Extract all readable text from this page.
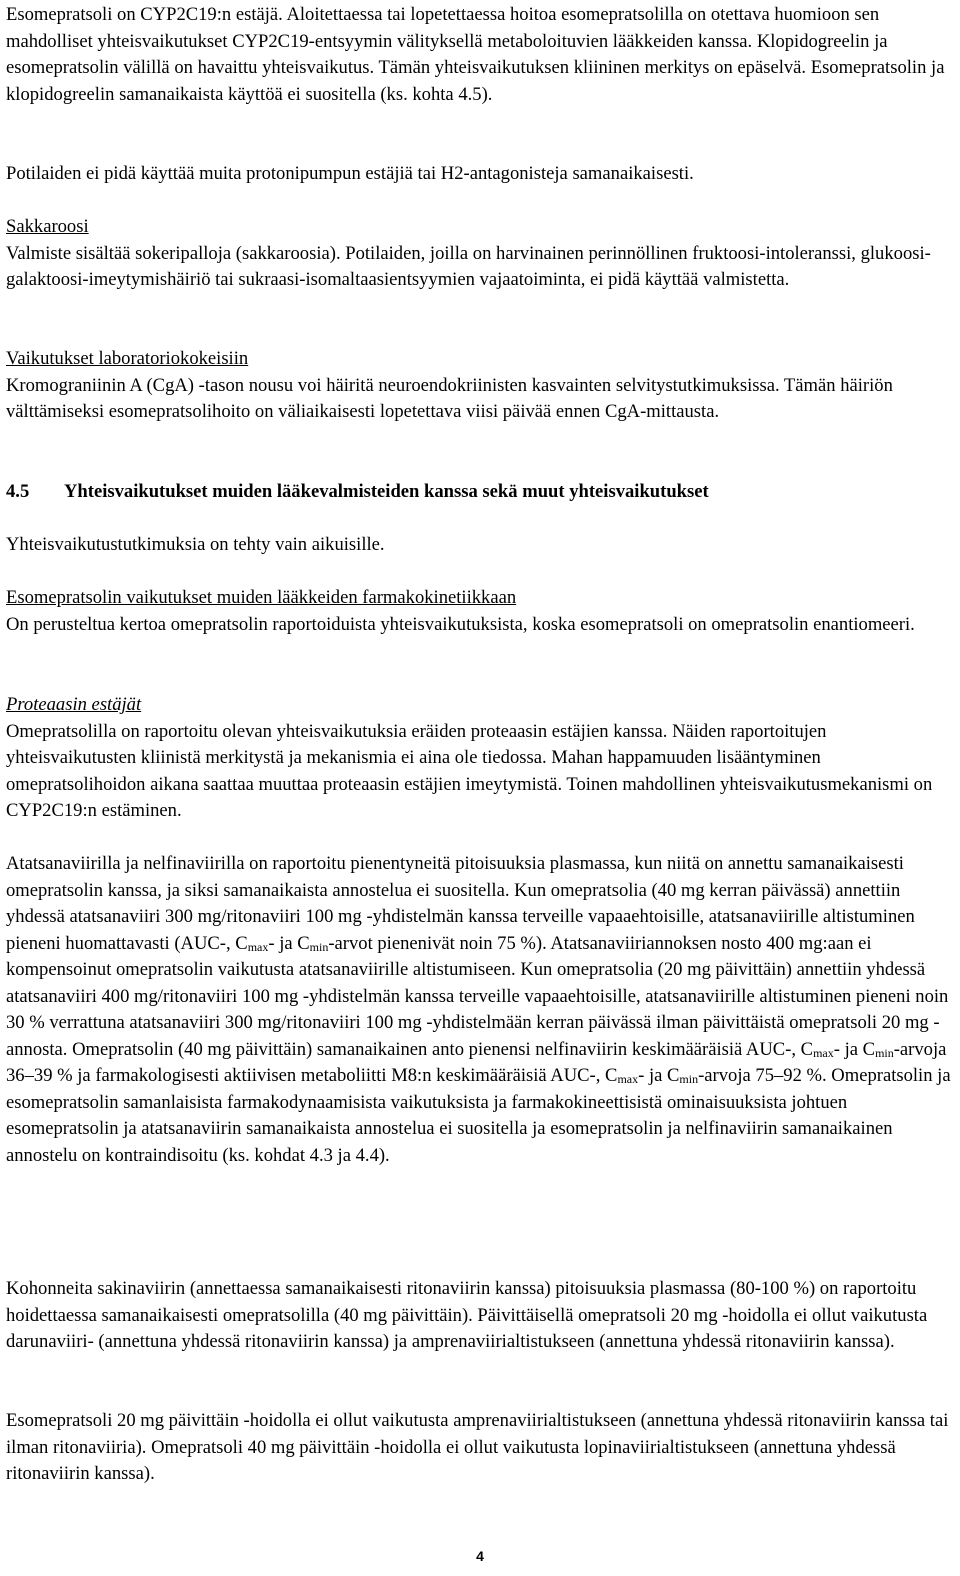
Esomepratsoli on CYP2C19:n estäjä. Aloitettaessa tai lopetettaessa hoitoa esomepratsolilla on otettava huomioon sen mahdolliset yhteisvaikutukset CYP2C19-entsyymin välityksellä metaboloituvien lääkkeiden kanssa. Klopidogreelin ja esomepratsolin välillä on havaittu yhteisvaikutus. Tämän yhteisvaikutuksen kliininen merkitys on epäselvä. Esomepratsolin ja klopidogreelin samanaikaista käyttöä ei suositella (ks. kohta 4.5).

Potilaiden ei pidä käyttää muita protonipumpun estäjiä tai H2-antagonisteja samanaikaisesti.

Sakkaroosi

Valmiste sisältää sokeripalloja (sakkaroosia). Potilaiden, joilla on harvinainen perinnöllinen fruktoosi-intoleranssi, glukoosi-galaktoosi-imeytymishäiriö tai sukraasi-isomaltaasientsyymien vajaatoiminta, ei pidä käyttää valmistetta.

Vaikutukset laboratoriokokeisiin

Kromograniinin A (CgA) -tason nousu voi häiritä neuroendokriinisten kasvainten selvitystutkimuksissa. Tämän häiriön välttämiseksi esomepratsolihoito on väliaikaisesti lopetettava viisi päivää ennen CgA-mittausta.

4.5 Yhteisvaikutukset muiden lääkevalmisteiden kanssa sekä muut yhteisvaikutukset

Yhteisvaikutustutkimuksia on tehty vain aikuisille.

Esomepratsolin vaikutukset muiden lääkkeiden farmakokinetiikkaan

On perusteltua kertoa omepratsolin raportoiduista yhteisvaikutuksista, koska esomepratsoli on omepratsolin enantiomeeri.

Proteaasin estäjät

Omepratsolilla on raportoitu olevan yhteisvaikutuksia eräiden proteaasin estäjien kanssa. Näiden raportoitujen yhteisvaikutusten kliinistä merkitystä ja mekanismia ei aina ole tiedossa. Mahan happamuuden lisääntyminen omepratsolihoidon aikana saattaa muuttaa proteaasin estäjien imeytymistä. Toinen mahdollinen yhteisvaikutusmekanismi on CYP2C19:n estäminen.

Atatsanaviirilla ja nelfinaviirilla on raportoitu pienentyneitä pitoisuuksia plasmassa, kun niitä on annettu samanaikaisesti omepratsolin kanssa, ja siksi samanaikaista annostelua ei suositella. Kun omepratsolia (40 mg kerran päivässä) annettiin yhdessä atatsanaviiri 300 mg/ritonaviiri 100 mg -yhdistelmän kanssa terveille vapaaehtoisille, atatsanaviirille altistuminen pieneni huomattavasti (AUC-, $C_{max}-$ ja $C_{min}$-arvot pienenivät noin 75 %). Atatsanaviiriannoksen nosto 400 mg:aan ei kompensoinut omepratsolin vaikutusta atatsanaviirille altistumiseen. Kun omepratsolia (20 mg päivittäin) annettiin yhdessä atatsanaviiri 400 mg/ritonaviiri 100 mg -yhdistelmän kanssa terveille vapaaehtoisille, atatsanaviirille altistuminen pieneni noin 30 % verrattuna atatsanaviiri 300 mg/ritonaviiri 100 mg -yhdistelmään kerran päivässä ilman päivittäistä omepratsoli 20 mg -annosta. Omepratsolin (40 mg päivittäin) samanaikainen anto pienensi nelfinaviirin keskimääräisiä AUC-, $C_{max}-$ ja $C_{min}$-arvoja 36–39 % ja farmakologisesti aktiivisen metaboliitti M8:n keskimääräisiä AUC-, $C_{max}-$ ja $C_{min}$-arvoja 75–92 %. Omepratsolin ja esomepratsolin samanlaisista farmakodynaamisista vaikutuksista ja farmakokineettisistä ominaisuuksista johtuen esomepratsolin ja atatsanaviirin samanaikaista annostelua ei suositella ja esomepratsolin ja nelfinaviirin samanaikainen annostelu on kontraindisoitu (ks. kohdat 4.3 ja 4.4).

Kohonneita sakinaviirin (annettaessa samanaikaisesti ritonaviirin kanssa) pitoisuuksia plasmassa (80-100 %) on raportoitu hoidettaessa samanaikaisesti omepratsolilla (40 mg päivittäin). Päivittäisellä omepratsoli 20 mg -hoidolla ei ollut vaikutusta darunaviiri- (annettuna yhdessä ritonaviirin kanssa) ja amprenaviirialtistukseen (annettuna yhdessä ritonaviirin kanssa).

Esomepratsoli 20 mg päivittäin -hoidolla ei ollut vaikutusta amprenaviirialtistukseen (annettuna yhdessä ritonaviirin kanssa tai ilman ritonaviiria). Omepratsoli 40 mg päivittäin -hoidolla ei ollut vaikutusta lopinaviirialtistukseen (annettuna yhdessä ritonaviirin kanssa).

4
